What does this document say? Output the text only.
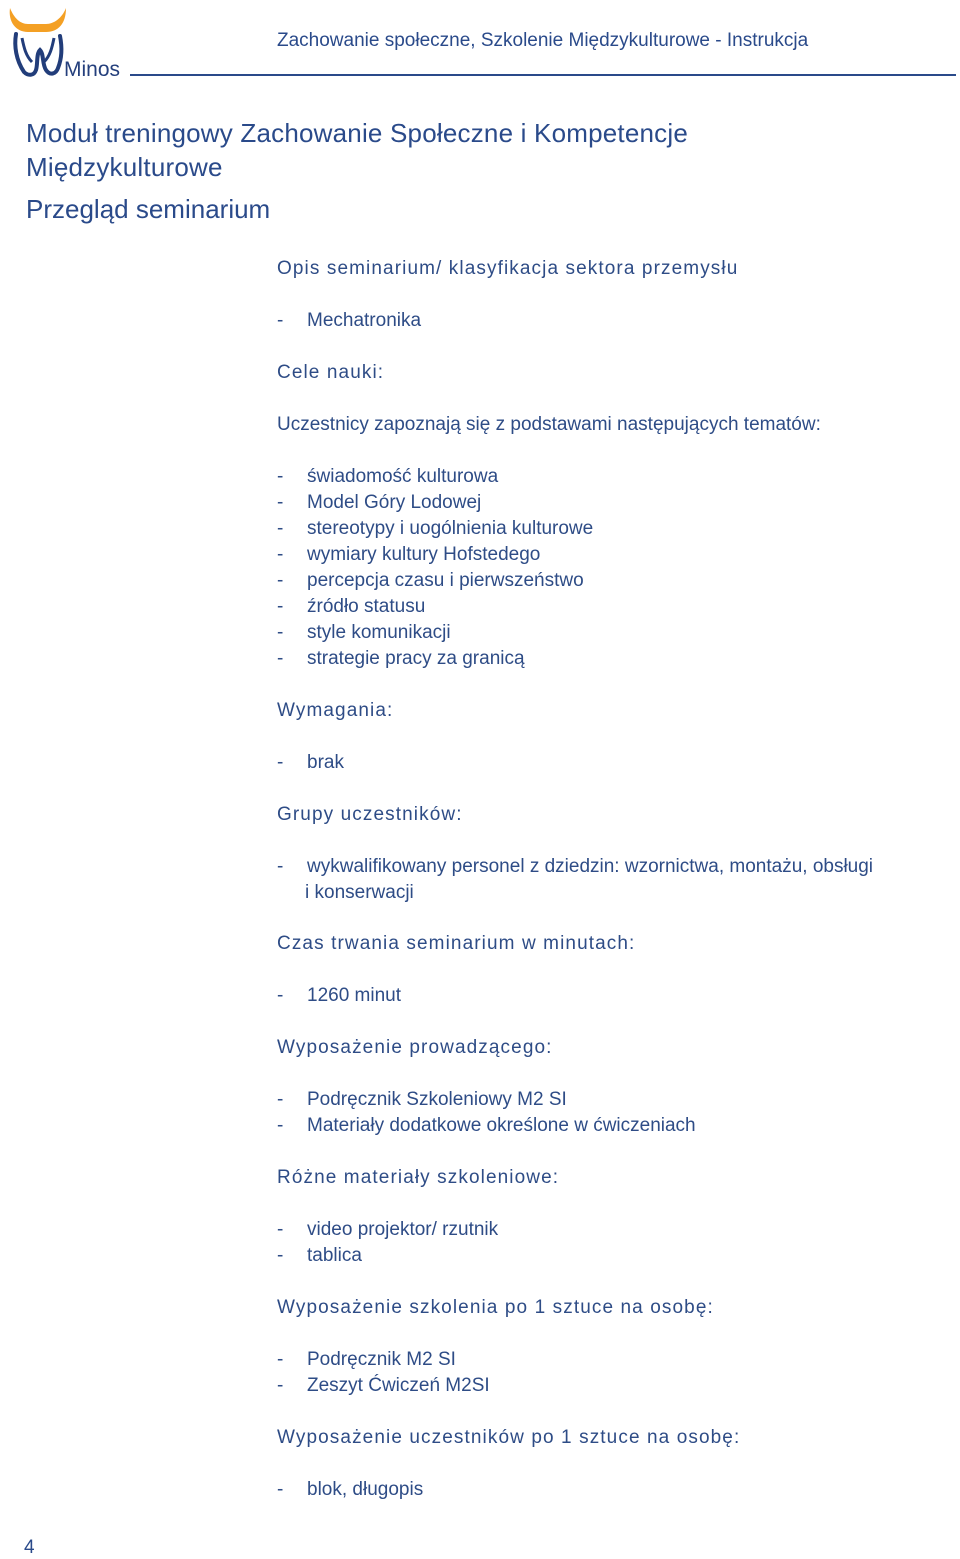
Minos
Zachowanie społeczne, Szkolenie Międzykulturowe - Instrukcja
Moduł treningowy Zachowanie Społeczne i Kompetencje
Międzykulturowe
Przegląd seminarium
Opis seminarium/ klasyfikacja sektora przemysłu
- Mechatronika
Cele nauki:
Uczestnicy zapoznają się z podstawami następujących tematów:
- świadomość kulturowa
- Model Góry Lodowej
- stereotypy i uogólnienia kulturowe
- wymiary kultury Hofstedego
- percepcja czasu i pierwszeństwo
- źródło statusu
- style komunikacji
- strategie pracy za granicą
Wymagania:
- brak
Grupy uczestników:
- wykwalifikowany personel z dziedzin: wzornictwa, montażu, obsługi
i konserwacji
Czas trwania seminarium w minutach:
- 1260 minut
Wyposażenie prowadzącego:
- Podręcznik Szkoleniowy M2 SI
- Materiały dodatkowe określone w ćwiczeniach
Różne materiały szkoleniowe:
- video projektor/ rzutnik
- tablica
Wyposażenie szkolenia po 1 sztuce na osobę:
- Podręcznik M2 SI
- Zeszyt Ćwiczeń M2SI
Wyposażenie uczestników po 1 sztuce na osobę:
- blok, długopis
4
